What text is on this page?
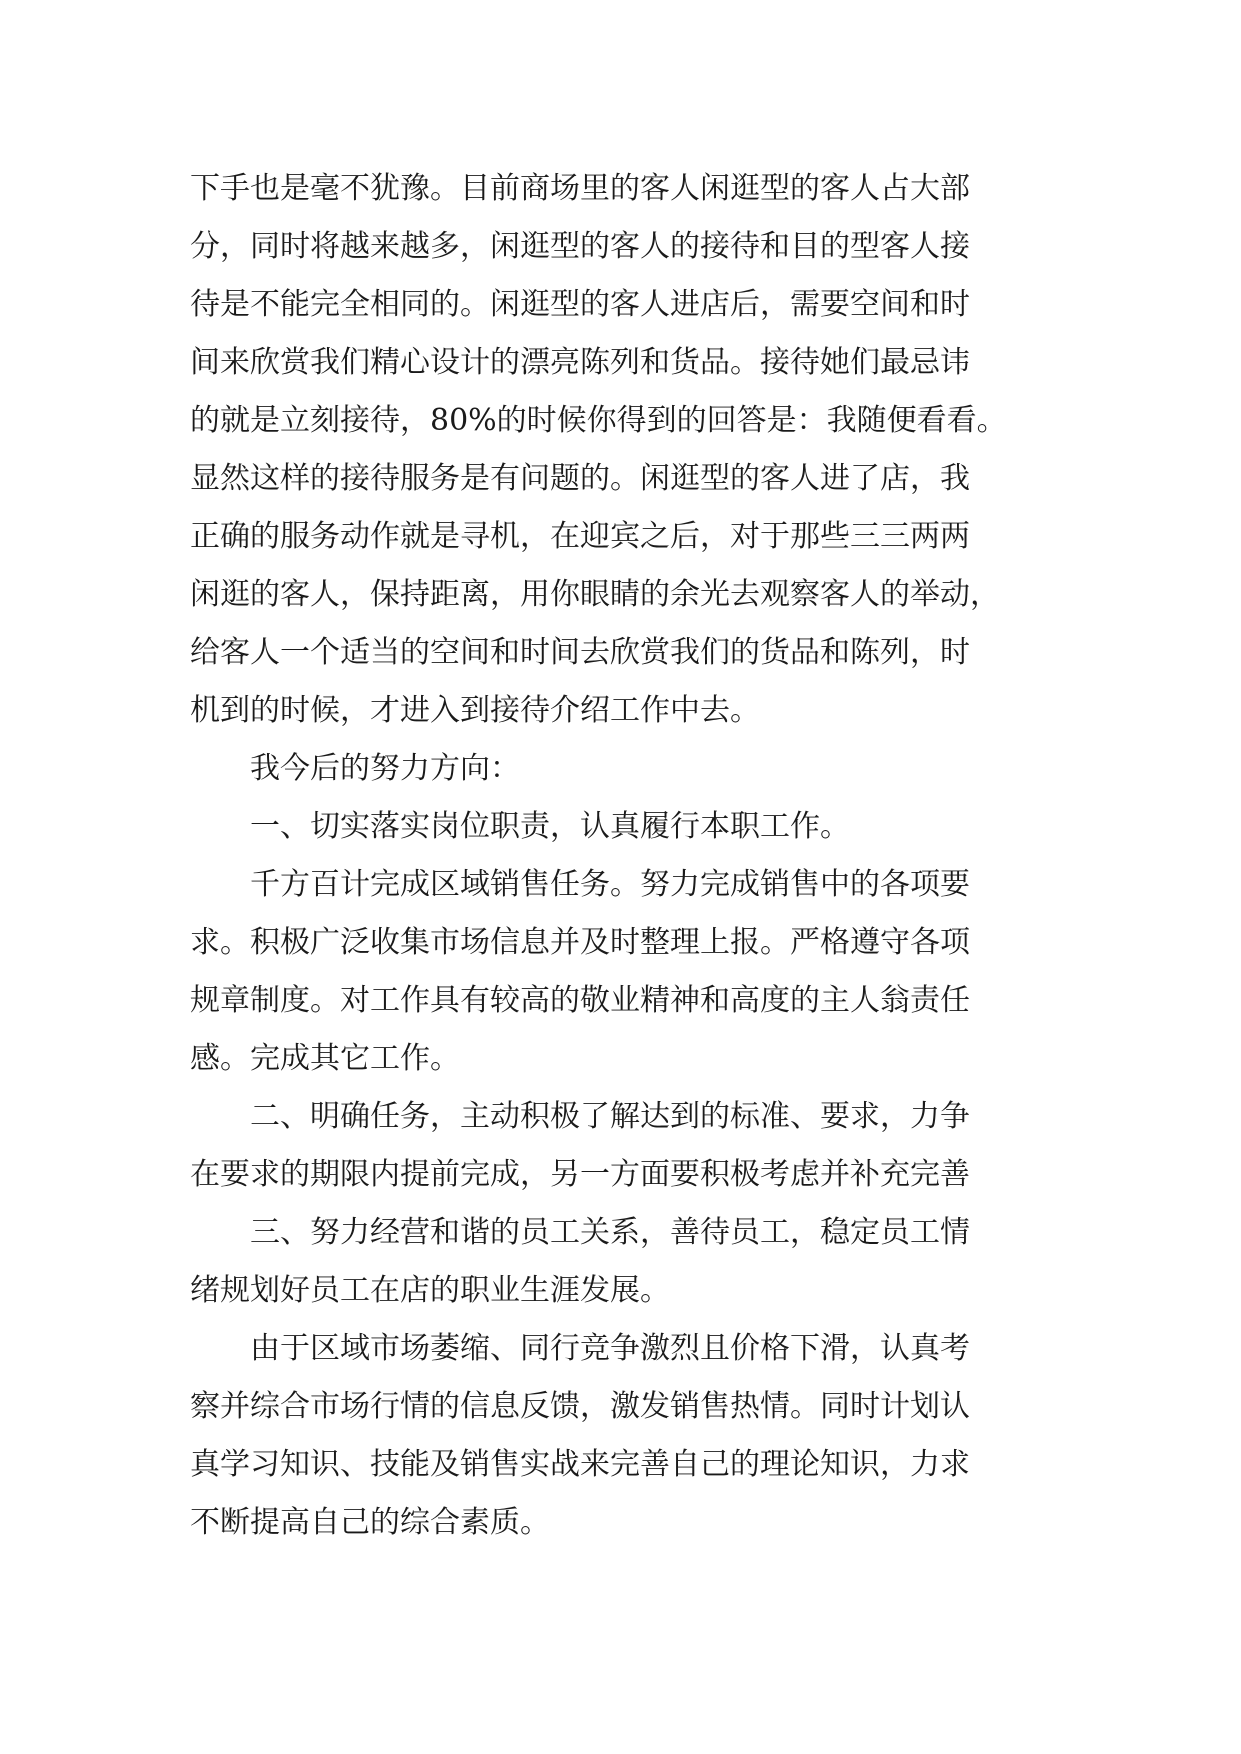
下手也是毫不犹豫。目前商场里的客人闲逛型的客人占大部
分，同时将越来越多，闲逛型的客人的接待和目的型客人接
待是不能完全相同的。闲逛型的客人进店后，需要空间和时
间来欣赏我们精心设计的漂亮陈列和货品。接待她们最忌讳
的就是立刻接待，80%的时候你得到的回答是：我随便看看。
显然这样的接待服务是有问题的。闲逛型的客人进了店，我
正确的服务动作就是寻机，在迎宾之后，对于那些三三两两
闲逛的客人，保持距离，用你眼睛的余光去观察客人的举动，
给客人一个适当的空间和时间去欣赏我们的货品和陈列，时
机到的时候，才进入到接待介绍工作中去。
　　我今后的努力方向：
　　一、切实落实岗位职责，认真履行本职工作。
　　千方百计完成区域销售任务。努力完成销售中的各项要
求。积极广泛收集市场信息并及时整理上报。严格遵守各项
规章制度。对工作具有较高的敬业精神和高度的主人翁责任
感。完成其它工作。
　　二、明确任务，主动积极了解达到的标准、要求，力争
在要求的期限内提前完成，另一方面要积极考虑并补充完善
　　三、努力经营和谐的员工关系，善待员工，稳定员工情
绪规划好员工在店的职业生涯发展。
　　由于区域市场萎缩、同行竞争激烈且价格下滑，认真考
察并综合市场行情的信息反馈，激发销售热情。同时计划认
真学习知识、技能及销售实战来完善自己的理论知识，力求
不断提高自己的综合素质。
